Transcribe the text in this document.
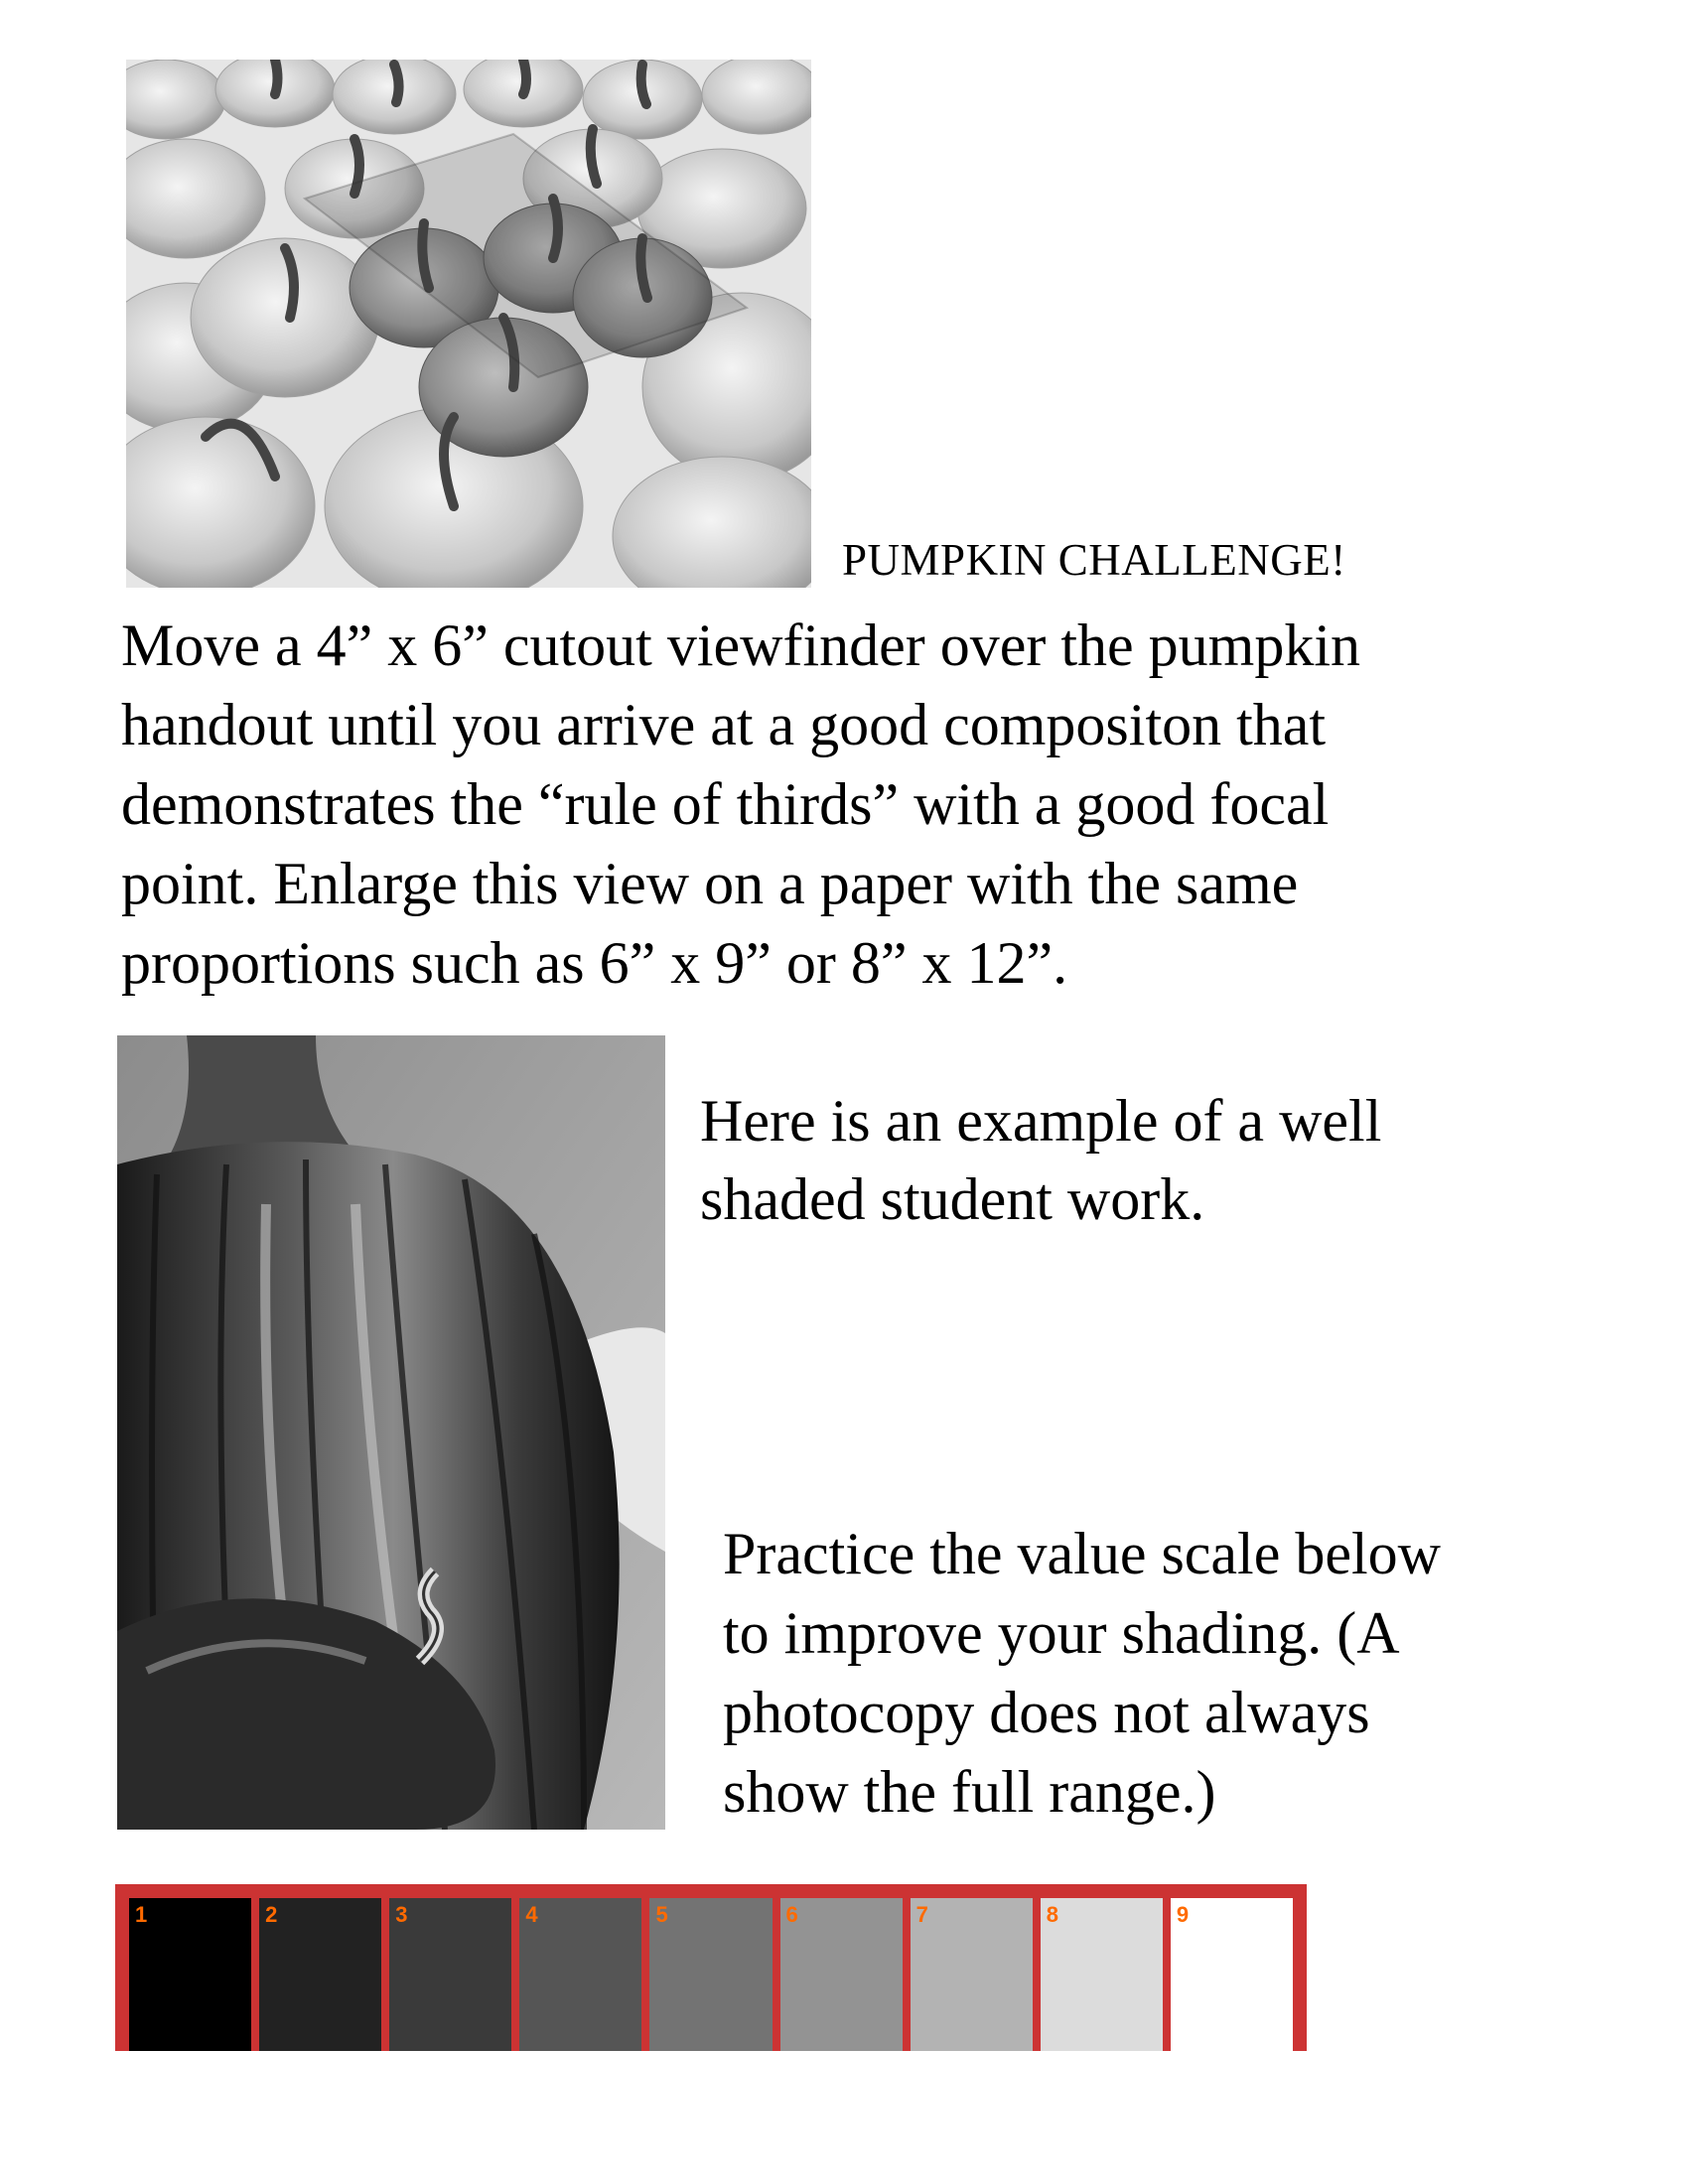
PUMPKIN CHALLENGE!
Move a 4” x 6” cutout viewfinder over the pumpkin
handout until you arrive at a good compositon that
demonstrates the “rule of thirds” with a good focal
point. Enlarge this view on a paper with the same
proportions such as 6” x 9” or 8” x 12”.
Here is an example of a well
shaded student work.
Practice the value scale below
to improve your shading. (A
photocopy does not always
show the full range.)
1	2	3	4	5	6	7	8	9
